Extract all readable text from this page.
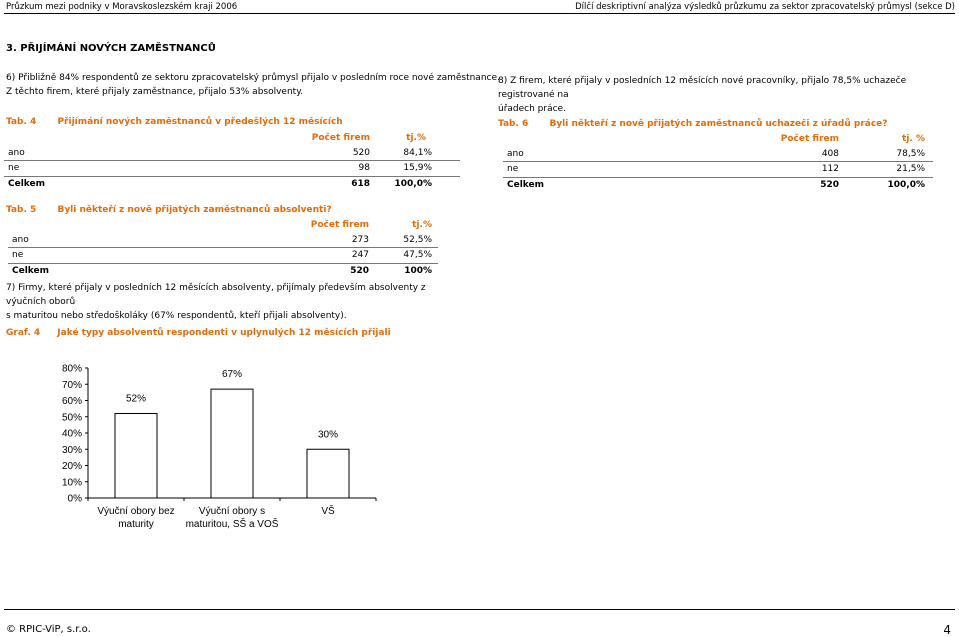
Průzkum mezi podniky v Moravskoslezském kraji 2006	Dílčí deskriptivní analýza výsledků průzkumu za sektor zpracovatelský průmysl (sekce D)
3. PŘIJÍMÁNÍ NOVÝCH ZAMĚSTNANCŮ
6) Přibližně 84% respondentů ze sektoru zpracovatelský průmysl přijalo v posledním roce nové zaměstnance.
Z těchto firem, které přijaly zaměstnance, přijalo 53% absolventy.
8) Z firem, které přijaly v posledních 12 měsících nové pracovníky, přijalo 78,5% uchazeče registrované na
úřadech práce.
Tab. 4 Přijímání nových zaměstnanců v předešlých 12 měsících
	Počet firem	tj.%
ano	520	84,1%
ne	98	15,9%
Celkem	618	100,0%
Tab. 6 Byli někteří z nově přijatých zaměstnanců uchazeči z úřadů práce?
	Počet firem	tj. %
ano	408	78,5%
ne	112	21,5%
Celkem	520	100,0%
Tab. 5 Byli někteří z nově přijatých zaměstnanců absolventi?
	Počet firem	tj.%
ano	273	52,5%
ne	247	47,5%
Celkem	520	100%
7) Firmy, které přijaly v posledních 12 měsících absolventy, přijímaly především absolventy z výučních oborů
s maturitou nebo středoškoláky (67% respondentů, kteří přijali absolventy).
Graf. 4 Jaké typy absolventů respondenti v uplynulých 12 měsících přijali
0%
10%
20%
30%
40%
50%
60%
70%
80%
52%
Výuční obory bez
maturity
67%
Výuční obory s
maturitou, SŠ a VOŠ
30%
VŠ
© RPIC-ViP, s.r.o.	4
